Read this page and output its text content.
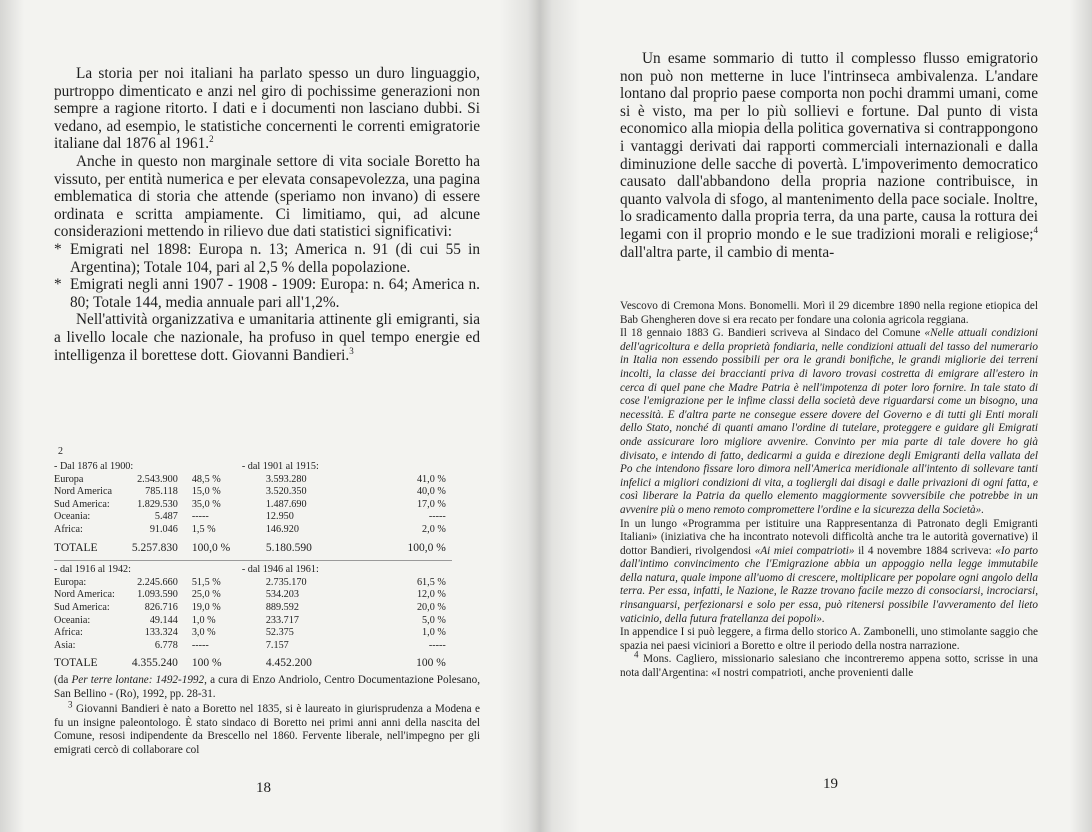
La storia per noi italiani ha parlato spesso un duro linguaggio, purtroppo dimenticato e anzi nel giro di pochissime generazioni non sempre a ragione ritorto. I dati e i documenti non lasciano dubbi. Si vedano, ad esempio, le statistiche concernenti le correnti emigratorie italiane dal 1876 al 1961.$^2$

Anche in questo non marginale settore di vita sociale Boretto ha vissuto, per entità numerica e per elevata consapevolezza, una pagina emblematica di storia che attende (speriamo non invano) di essere ordinata e scritta ampiamente. Ci limitiamo, qui, ad alcune considerazioni mettendo in rilievo due dati statistici significativi:

* Emigrati nel 1898: Europa n. 13; America n. 91 (di cui 55 in Argentina); Totale 104, pari al 2,5 % della popolazione.
* Emigrati negli anni 1907 - 1908 - 1909: Europa: n. 64; America n. 80; Totale 144, media annuale pari all'1,2%.

Nell'attività organizzativa e umanitaria attinente gli emigranti, sia a livello locale che nazionale, ha profuso in quel tempo energie ed intelligenza il borettese dott. Giovanni Bandieri.$^3$

2
- Dal 1876 al 1900:			- dal 1901 al 1915:	
Europa	2.543.900	48,5 %	3.593.280	41,0 %
Nord America	785.118	15,0 %	3.520.350	40,0 %
Sud America:	1.829.530	35,0 %	1.487.690	17,0 %
Oceania:	5.487	-----	12.950	-----
Africa:	91.046	1,5 %	146.920	2,0 %
TOTALE	5.257.830	100,0 %	5.180.590	100,0 %

- dal 1916 al 1942:			- dal 1946 al 1961:	
Europa:	2.245.660	51,5 %	2.735.170	61,5 %
Nord America:	1.093.590	25,0 %	534.203	12,0 %
Sud America:	826.716	19,0 %	889.592	20,0 %
Oceania:	49.144	1,0 %	233.717	5,0 %
Africa:	133.324	3,0 %	52.375	1,0 %
Asia:	6.778	-----	7.157	-----
TOTALE	4.355.240	100 %	4.452.200	100 %
(da Per terre lontane: 1492-1992, a cura di Enzo Andriolo, Centro Documentazione Polesano, San Bellino - (Ro), 1992, pp. 28-31.
$^3$ Giovanni Bandieri è nato a Boretto nel 1835, si è laureato in giurisprudenza a Modena e fu un insigne paleontologo. È stato sindaco di Boretto nei primi anni anni della nascita del Comune, resosi indipendente da Brescello nel 1860. Fervente liberale, nell'impegno per gli emigrati cercò di collaborare col
18

Un esame sommario di tutto il complesso flusso emigratorio non può non metterne in luce l'intrinseca ambivalenza. L'andare lontano dal proprio paese comporta non pochi drammi umani, come si è visto, ma per lo più sollievi e fortune. Dal punto di vista economico alla miopia della politica governativa si contrappongono i vantaggi derivati dai rapporti commerciali internazionali e dalla diminuzione delle sacche di povertà. L'impoverimento democratico causato dall'abbandono della propria nazione contribuisce, in quanto valvola di sfogo, al mantenimento della pace sociale. Inoltre, lo sradicamento dalla propria terra, da una parte, causa la rottura dei legami con il proprio mondo e le sue tradizioni morali e religiose;$^4$ dall'altra parte, il cambio di menta-

Vescovo di Cremona Mons. Bonomelli. Morì il 29 dicembre 1890 nella regione etiopica del Bab Ghengheren dove si era recato per fondare una colonia agricola reggiana.

Il 18 gennaio 1883 G. Bandieri scriveva al Sindaco del Comune «Nelle attuali condizioni dell'agricoltura e della proprietà fondiaria, nelle condizioni attuali del tasso del numerario in Italia non essendo possibili per ora le grandi bonifiche, le grandi migliorie dei terreni incolti, la classe dei braccianti priva di lavoro trovasi costretta di emigrare all'estero in cerca di quel pane che Madre Patria è nell'impotenza di poter loro fornire. In tale stato di cose l'emigrazione per le infime classi della società deve riguardarsi come un bisogno, una necessità. E d'altra parte ne consegue essere dovere del Governo e di tutti gli Enti morali dello Stato, nonché di quanti amano l'ordine di tutelare, proteggere e guidare gli Emigrati onde assicurare loro migliore avvenire. Convinto per mia parte di tale dovere ho già divisato, e intendo di fatto, dedicarmi a guida e direzione degli Emigranti della vallata del Po che intendono fissare loro dimora nell'America meridionale all'intento di sollevare tanti infelici a migliori condizioni di vita, a togliergli dai disagi e dalle privazioni di ogni fatta, e così liberare la Patria da quello elemento maggiormente sovversibile che potrebbe in un avvenire più o meno remoto compromettere l'ordine e la sicurezza della Società».

In un lungo «Programma per istituire una Rappresentanza di Patronato degli Emigranti Italiani» (iniziativa che ha incontrato notevoli difficoltà anche tra le autorità governative) il dottor Bandieri, rivolgendosi «Ai miei compatrioti» il 4 novembre 1884 scriveva: «Io parto dall'intimo convincimento che l'Emigrazione abbia un appoggio nella legge immutabile della natura, quale impone all'uomo di crescere, moltiplicare per popolare ogni angolo della terra. Per essa, infatti, le Nazione, le Razze trovano facile mezzo di consociarsi, incrociarsi, rinsanguarsi, perfezionarsi e solo per essa, può ritenersi possibile l'avveramento del lieto vaticinio, della futura fratellanza dei popoli».

In appendice I si può leggere, a firma dello storico A. Zambonelli, uno stimolante saggio che spazia nei paesi viciniori a Boretto e oltre il periodo della nostra narrazione.

$^4$ Mons. Cagliero, missionario salesiano che incontreremo appena sotto, scrisse in una nota dall'Argentina: «I nostri compatrioti, anche provenienti dalle

19
